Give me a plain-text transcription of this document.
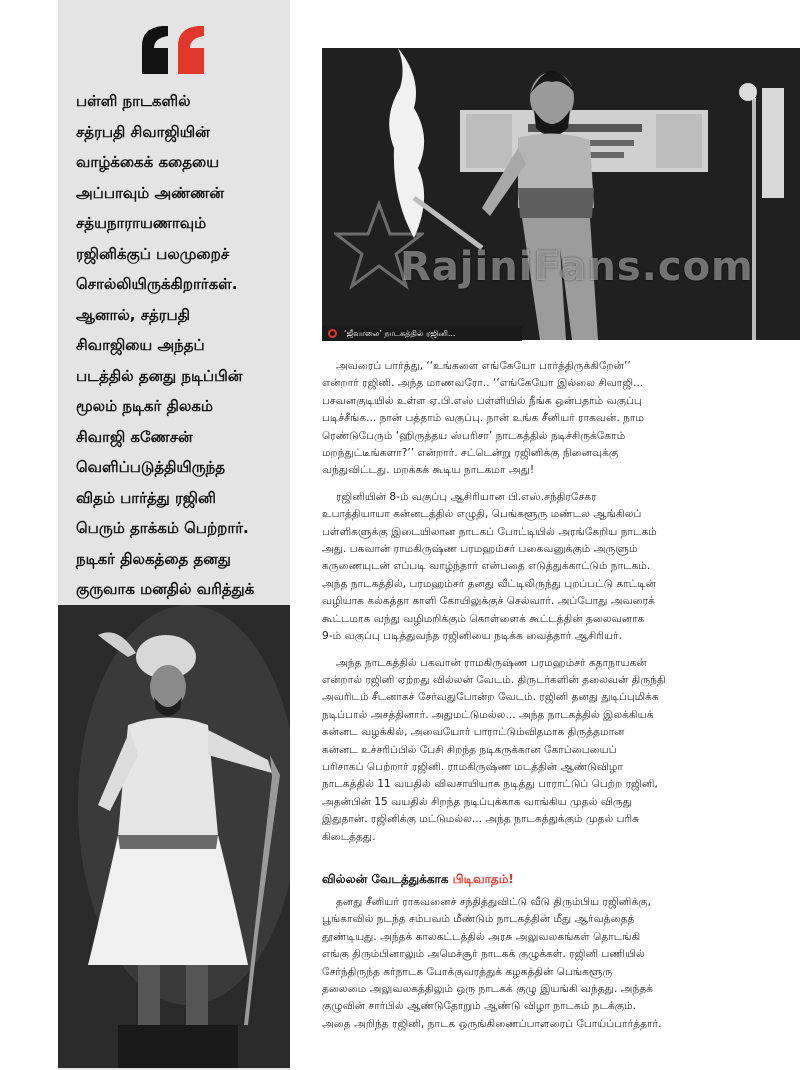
பள்ளி நாடகளில்
சத்ரபதி சிவாஜியின்
வாழ்க்கைக் கதையை
அப்பாவும் அண்ணன்
சத்யநாராயணாவும்
ரஜினிக்குப் பலமுறைச்
சொல்லியிருக்கிறார்கள்.
ஆனால், சத்ரபதி
சிவாஜியை அந்தப்
படத்தில் தனது நடிப்பின்
மூலம் நடிகர் திலகம்
சிவாஜி கணேசன்
வெளிப்படுத்தியிருந்த
விதம் பார்த்து ரஜினி
பெரும் தாக்கம் பெற்றார்.
நடிகர் திலகத்தை தனது
குருவாக மனதில் வரித்துக்
RajiniFans.com
‘ஜீவாலை’ நாடகத்தில் ரஜினி...
அவரைப் பார்த்து, ‘‘உங்களை எங்கேயோ பார்த்திருக்கிறேன்’’
என்றார் ரஜினி. அந்த மாணவரோ.. ‘‘எங்கேயோ இல்லை சிவாஜி...
பசவனகுடியில் உள்ள ஏ.பி.எஸ் பள்ளியில் நீங்க ஒன்பதாம் வகுப்பு
படிச்சீங்க... நான் பத்தாம் வகுப்பு. நான் உங்க சீனியர் ராகவன். நாம
ரெண்டுபேரும் ‘ஹிருத்தய ஸ்பரிசா’ நாடகத்தில் நடிச்சிருக்கோம்
மறந்துட்டீங்களா?’’ என்றார். சட்டென்று ரஜினிக்கு நினைவுக்கு
வந்துவிட்டது. மறக்கக் கூடிய நாடகமா அது!
ரஜினியின் 8-ம் வகுப்பு ஆசிரியான பி.எஸ்.சந்திரசேகர
உபாத்தியாயா கன்னடத்தில் எழுதி, பெங்களூரு மண்டல ஆங்கிலப்
பள்ளிகளுக்கு இடையிலான நாடகப் போட்டியில் அரங்கேறிய நாடகம்
அது. பகவான் ராமகிருஷ்ண பரமஹம்சர் பகைவனுக்கும் அருளும்
கருணையுடன் எப்படி வாழ்ந்தார் என்பதை எடுத்துக்காட்டும் நாடகம்.
அந்த நாடகத்தில், பரமஹம்சர் தனது வீட்டிலிருந்து புறப்பட்டு காட்டின்
வழியாக கல்கத்தா காளி கோயிலுக்குச் செல்வார். அப்போது அவரைக்
கூட்டமாக வந்து வழிமறிக்கும் கொள்ளைக் கூட்டத்தின் தலைவனாக
9-ம் வகுப்பு படித்துவந்த ரஜினியை நடிக்க வைத்தார் ஆசிரியர்.
அந்த நாடகத்தில் பகவான் ராமகிருஷ்ண பரமஹம்சர் கதாநாயகன்
என்றால் ரஜினி ஏற்றது வில்லன் வேடம். திருடர்களின் தலைவன் திருந்தி
அவரிடம் சீடனாகச் சேர்வதுபோன்ற வேடம். ரஜினி தனது துடிப்புமிக்க
நடிப்பால் அசத்தினார். அதுமட்டுமல்ல... அந்த நாடகத்தில் இலக்கியக்
கன்னட வழக்கில், அவையோர் பாராட்டும்விதமாக திருத்தமான
கன்னட உச்சரிப்பில் பேசி சிறந்த நடிகருக்கான கோப்பையைப்
பரிசாகப் பெற்றார் ரஜினி. ராமகிருஷ்ண மடத்தின் ஆண்டுவிழா
நாடகத்தில் 11 வயதில் விவசாயியாக நடித்து பாராட்டுப் பெற்ற ரஜினி,
அதன்பின் 15 வயதில் சிறந்த நடிப்புக்காக வாங்கிய முதல் விருது
இதுதான். ரஜினிக்கு மட்டுமல்ல... அந்த நாடகத்துக்கும் முதல் பரிசு
கிடைத்தது.
வில்லன் வேடத்துக்காக பிடிவாதம்!
தனது சீனியர் ராகவனைச் சந்தித்துவிட்டு வீடு திரும்பிய ரஜினிக்கு,
பூங்காவில் நடந்த சம்பவம் மீண்டும் நாடகத்தின் மீது ஆர்வத்தைத்
தூண்டியது. அந்தக் காலகட்டத்தில் அரசு அலுவலகங்கள் தொடங்கி
எங்கு திரும்பினாலும் அமெச்சூர் நாடகக் குழுக்கள். ரஜினி பணியில்
சேர்ந்திருந்த கர்நாடக போக்குவரத்துக் கழகத்தின் பெங்களூரு
தலைமை அலுவலகத்திலும் ஒரு நாடகக் குழு இயங்கி வந்தது. அந்தக்
குழுவின் சார்பில் ஆண்டுதோறும் ஆண்டு விழா நாடகம் நடக்கும்.
அதை அறிந்த ரஜினி, நாடக ஒருங்கிணைப்பாளரைப் போய்ப்பார்த்தார்.
